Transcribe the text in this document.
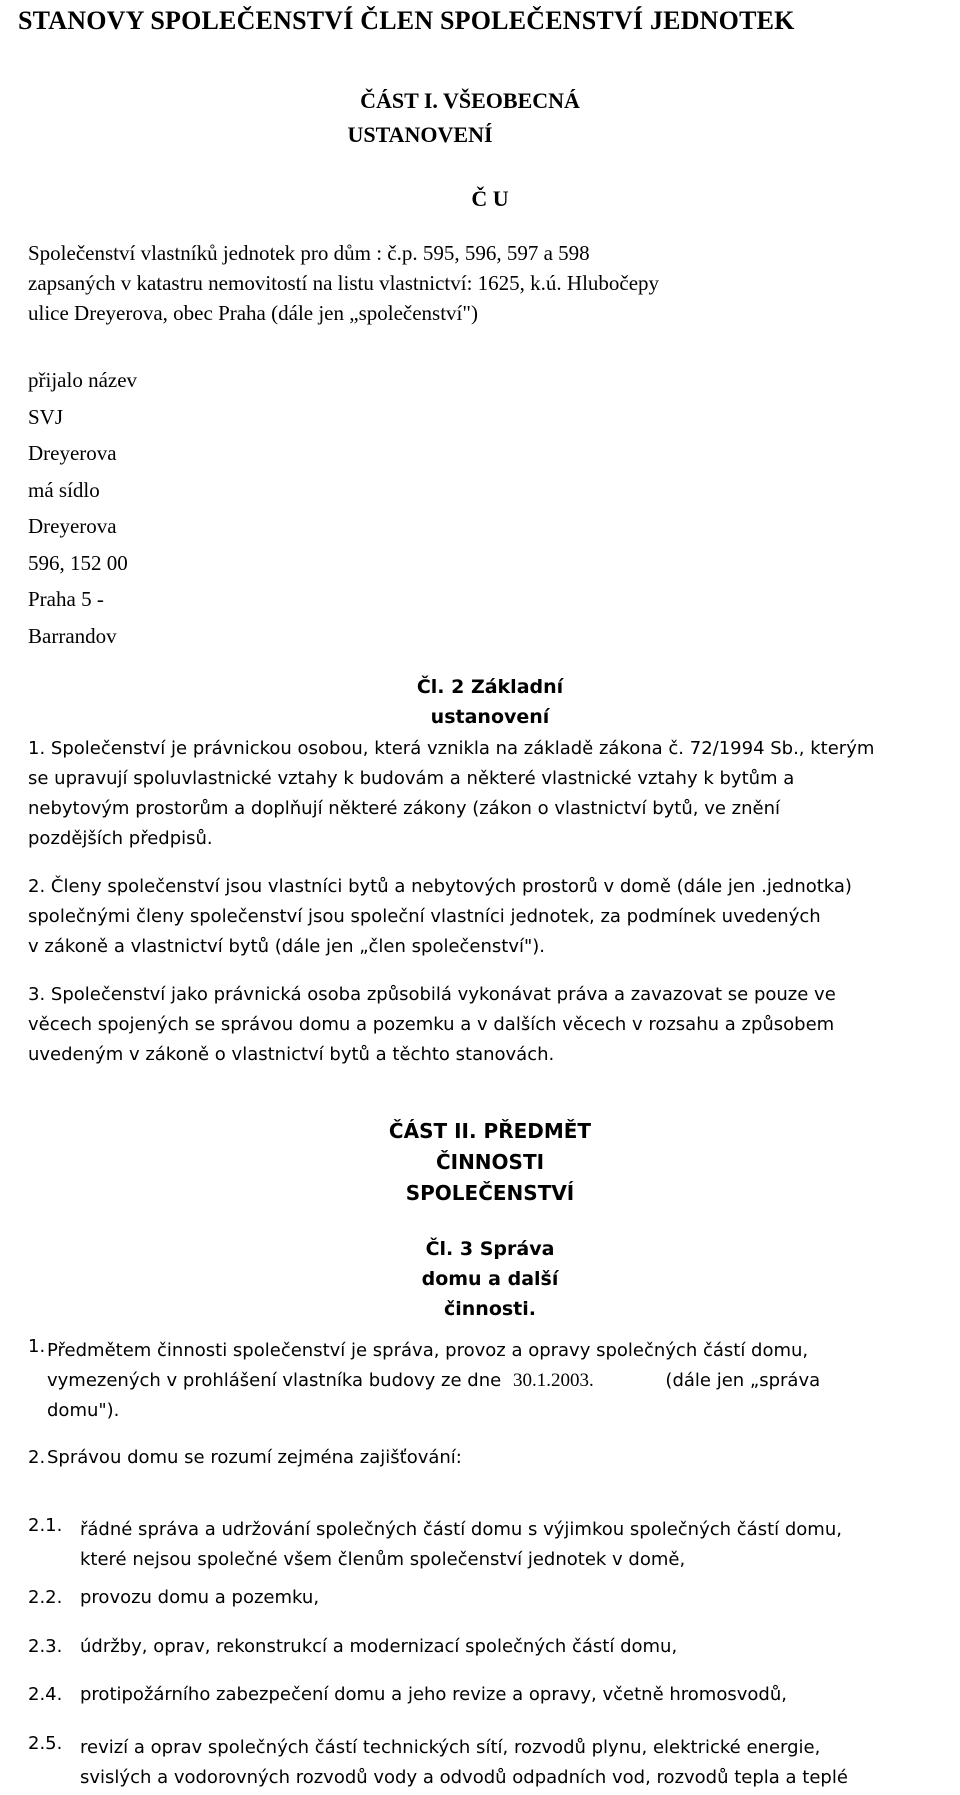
STANOVY SPOLEČENSTVÍ ČLEN SPOLEČENSTVÍ JEDNOTEK
ČÁST I. VŠEOBECNÁ
USTANOVENÍ
Č U
Společenství vlastníků jednotek pro dům : č.p. 595, 596, 597 a 598
zapsaných v katastru nemovitostí na listu vlastnictví: 1625, k.ú. Hlubočepy
ulice Dreyerova, obec Praha (dále jen „společenství")
přijalo název
SVJ
Dreyerova
má sídlo
Dreyerova
596, 152 00
Praha 5 -
Barrandov
Čl. 2 Základní
ustanovení
1. Společenství je právnickou osobou, která vznikla na základě zákona č. 72/1994 Sb., kterým
se upravují spoluvlastnické vztahy k budovám a některé vlastnické vztahy k bytům a
nebytovým prostorům a doplňují některé zákony (zákon o vlastnictví bytů, ve znění
pozdějších předpisů.
2. Členy společenství jsou vlastníci bytů a nebytových prostorů v domě (dále jen .jednotka)
společnými členy společenství jsou společní vlastníci jednotek, za podmínek uvedených
v zákoně a vlastnictví bytů (dále jen „člen společenství").
3. Společenství jako právnická osoba způsobilá vykonávat práva a zavazovat se pouze ve
věcech spojených se správou domu a pozemku a v dalších věcech v rozsahu a způsobem
uvedeným v zákoně o vlastnictví bytů a těchto stanovách.
ČÁST II. PŘEDMĚT
ČINNOSTI
SPOLEČENSTVÍ
Čl. 3 Správa
domu a další
činnosti.
1. Předmětem činnosti společenství je správa, provoz a opravy společných částí domu,
vymezených v prohlášení vlastníka budovy ze dne 30.1.2003.	(dále jen „správa
domu").
2. Správou domu se rozumí zejména zajišťování:
2.1. řádné správa a udržování společných částí domu s výjimkou společných částí domu,
které nejsou společné všem členům společenství jednotek v domě,
2.2. provozu domu a pozemku,
2.3. údržby, oprav, rekonstrukcí a modernizací společných částí domu,
2.4. protipožárního zabezpečení domu a jeho revize a opravy, včetně hromosvodů,
2.5. revizí a oprav společných částí technických sítí, rozvodů plynu, elektrické energie,
svislých a vodorovných rozvodů vody a odvodů odpadních vod, rozvodů tepla a teplé
